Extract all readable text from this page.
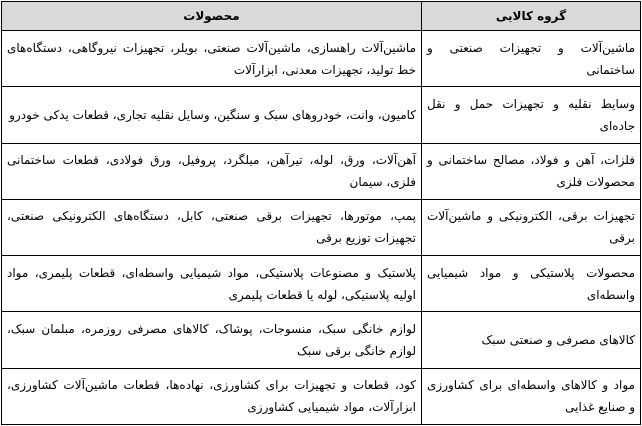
گروه کالایی	محصولات
ماشین‌آلات و تجهیزات صنعتی و ساختمانی	ماشین‌آلات راهسازی، ماشین‌آلات صنعتی، بویلر، تجهیزات نیروگاهی، دستگاه‌های خط تولید، تجهیزات معدنی، ابزارآلات
وسایط نقلیه و تجهیزات حمل و نقل جاده‌ای	کامیون، وانت، خودروهای سبک و سنگین، وسایل نقلیه تجاری، قطعات یدکی خودرو
فلزات، آهن و فولاد، مصالح ساختمانی و محصولات فلزی	آهن‌آلات، ورق، لوله، تیرآهن، میلگرد، پروفیل، ورق فولادی، قطعات ساختمانی فلزی، سیمان
تجهیزات برقی، الکترونیکی و ماشین‌آلات برقی	پمپ، موتورها، تجهیزات برقی صنعتی، کابل، دستگاه‌های الکترونیکی صنعتی، تجهیزات توزیع برقی
محصولات پلاستیکی و مواد شیمیایی واسطه‌ای	پلاستیک و مصنوعات پلاستیکی، مواد شیمیایی واسطه‌ای، قطعات پلیمری، مواد اولیه پلاستیکی، لوله یا قطعات پلیمری
کالاهای مصرفی و صنعتی سبک	لوازم خانگی سبک، منسوجات، پوشاک، کالاهای مصرفی روزمره، مبلمان سبک، لوازم خانگی برقی سبک
مواد و کالاهای واسطه‌ای برای کشاورزی و صنایع غذایی	کود، قطعات و تجهیزات برای کشاورزی، نهاده‌ها، قطعات ماشین‌آلات کشاورزی، ابزارآلات، مواد شیمیایی کشاورزی
